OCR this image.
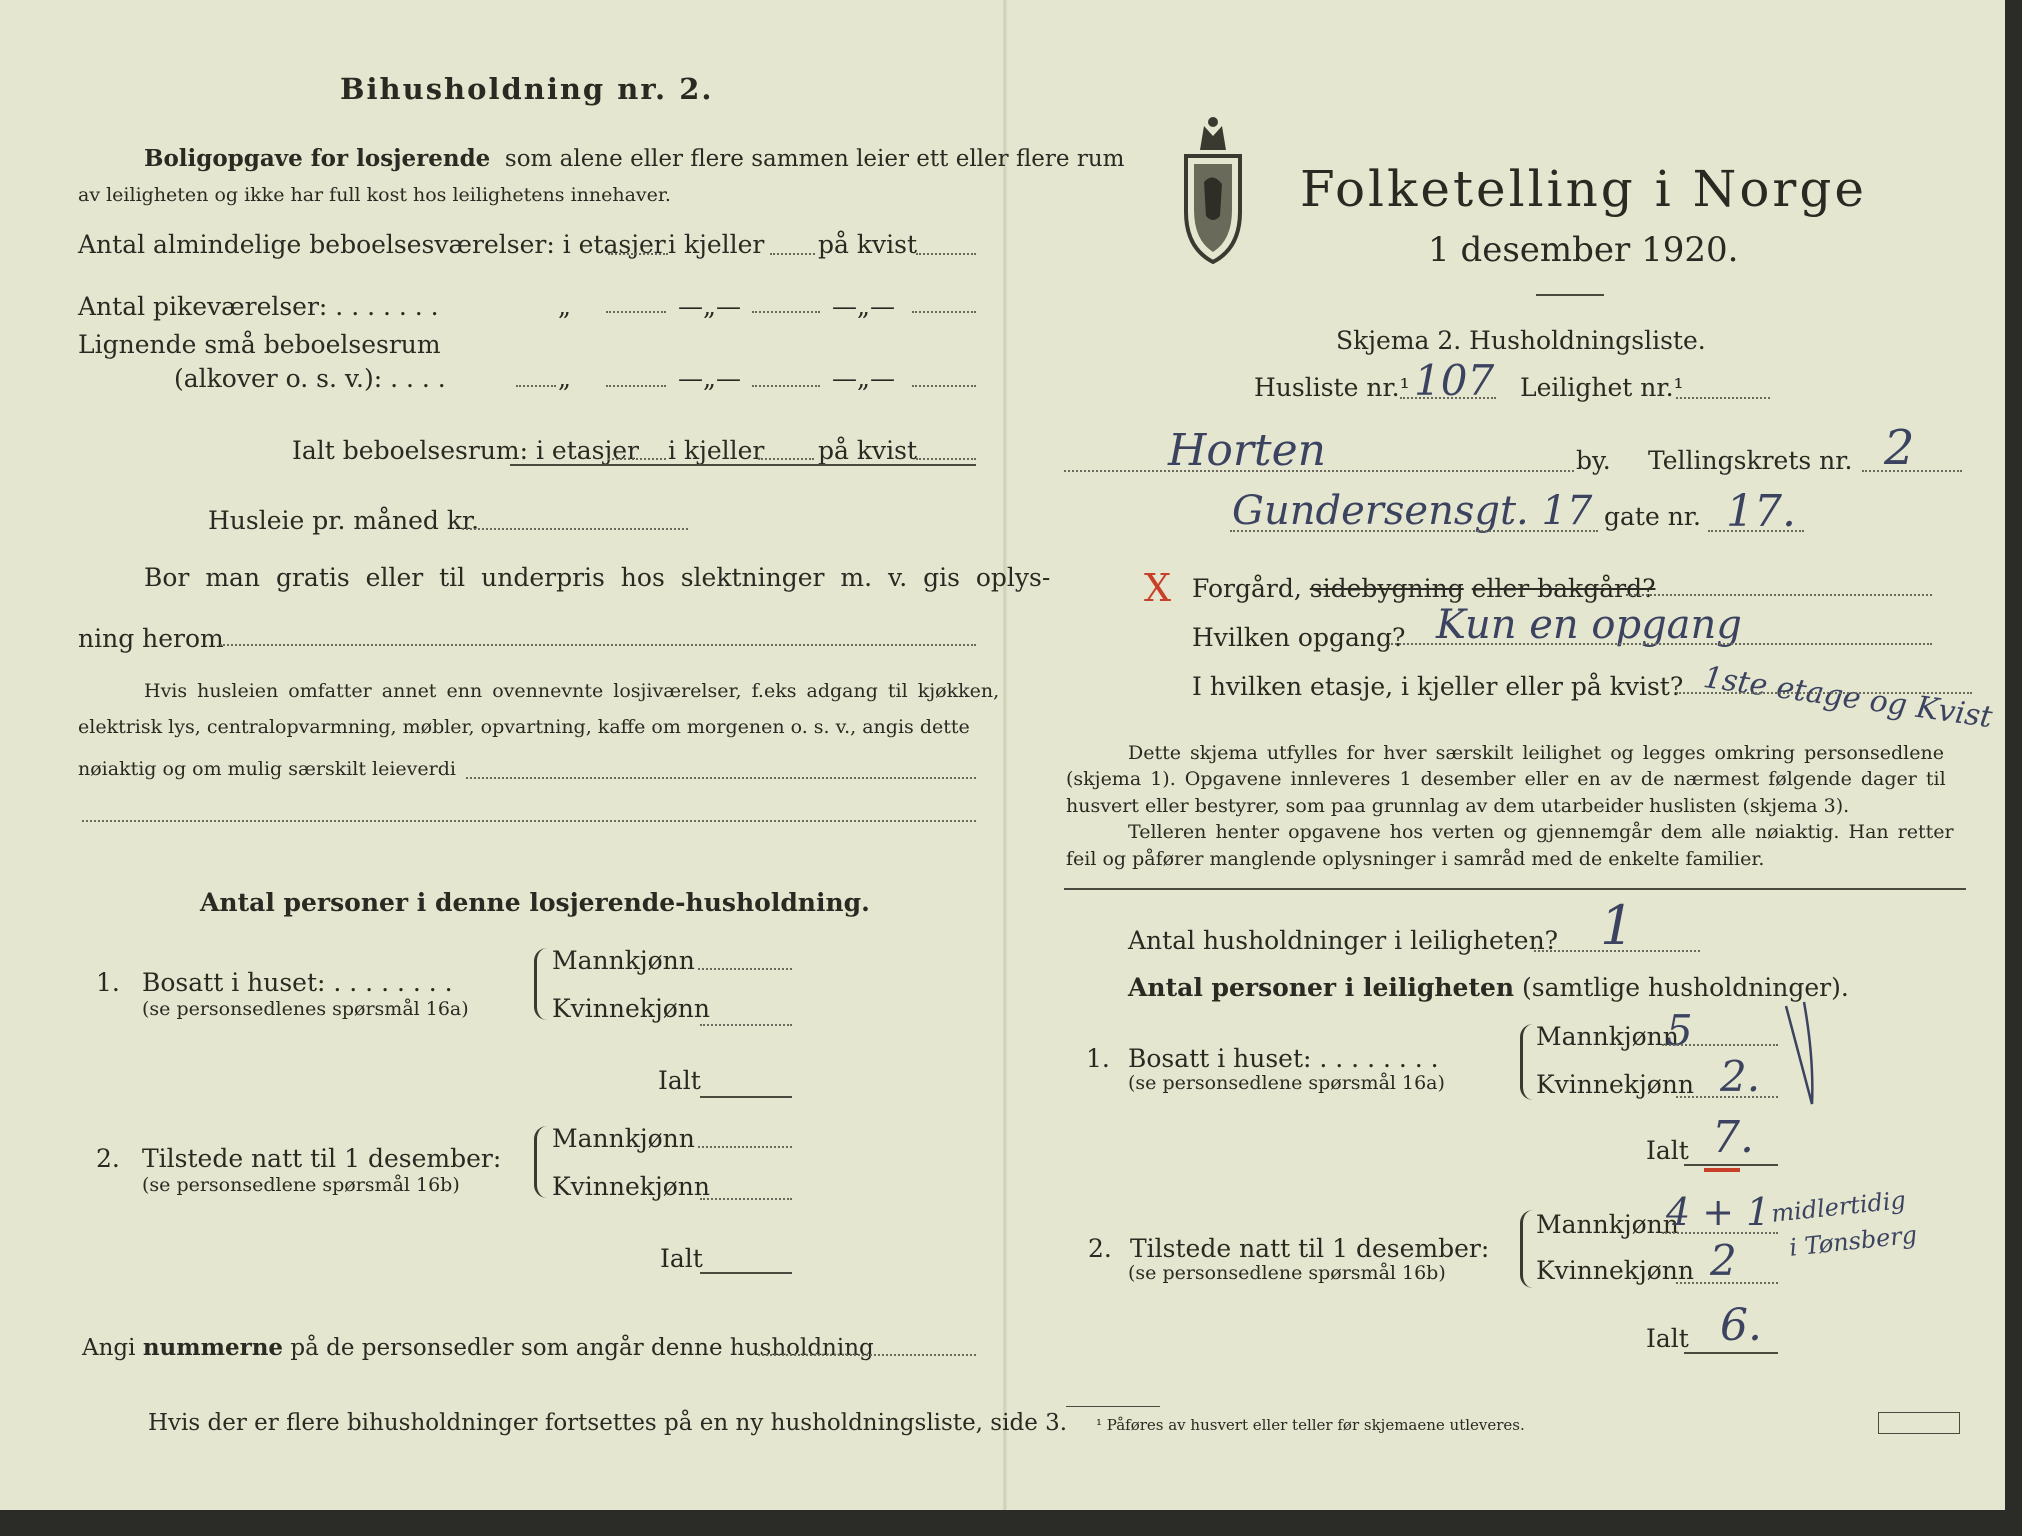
Bihusholdning nr. 2.
Boligopgave for losjerende som alene eller flere sammen leier ett eller flere rum
av leiligheten og ikke har full kost hos leilighetens innehaver.
Antal almindelige beboelsesværelser: i etasjer i kjeller på kvist
Antal pikeværelser: . . . . . . .	„	—„—	—„—
Lignende små beboelsesrum
(alkover o. s. v.): . . . .	„	—„—	—„—
Ialt beboelsesrum: i etasjer i kjeller på kvist
Husleie pr. måned kr.
Bor man gratis eller til underpris hos slektninger m. v. gis oplys-
ning herom
Hvis husleien omfatter annet enn ovennevnte losjiværelser, f.eks adgang til kjøkken,
elektrisk lys, centralopvarmning, møbler, opvartning, kaffe om morgenen o. s. v., angis dette
nøiaktig og om mulig særskilt leieverdi
Antal personer i denne losjerende-husholdning.
1. Bosatt i huset: . . . . . . . .
(se personsedlenes spørsmål 16a)
Mannkjønn
Kvinnekjønn
Ialt
2. Tilstede natt til 1 desember:
(se personsedlene spørsmål 16b)
Mannkjønn
Kvinnekjønn
Ialt
Angi nummerne på de personsedler som angår denne husholdning
Hvis der er flere bihusholdninger fortsettes på en ny husholdningsliste, side 3.
Folketelling i Norge
1 desember 1920.
Skjema 2. Husholdningsliste.
Husliste nr.¹ 107 Leilighet nr.¹
Horten	by. Tellingskrets nr. 2
Gundersensgt. 17 gate nr. 17.
X Forgård, sidebygning eller bakgård?
Hvilken opgang? Kun en opgang
I hvilken etasje, i kjeller eller på kvist? 1ste etage og Kvist
Dette skjema utfylles for hver særskilt leilighet og legges omkring personsedlene
(skjema 1). Opgavene innleveres 1 desember eller en av de nærmest følgende dager til
husvert eller bestyrer, som paa grunnlag av dem utarbeider huslisten (skjema 3).
Telleren henter opgavene hos verten og gjennemgår dem alle nøiaktig. Han retter
feil og påfører manglende oplysninger i samråd med de enkelte familier.
Antal husholdninger i leiligheten? 1
Antal personer i leiligheten (samtlige husholdninger).
1. Bosatt i huset: . . . . . . . .
(se personsedlene spørsmål 16a)
Mannkjønn
5
Kvinnekjønn 2.
Ialt 7.
2. Tilstede natt til 1 desember:
(se personsedlene spørsmål 16b)
Mannkjønn
4 + 1 midlertidig
i Tønsberg
Kvinnekjønn 2
Ialt 6.
¹ Påføres av husvert eller teller før skjemaene utleveres.
